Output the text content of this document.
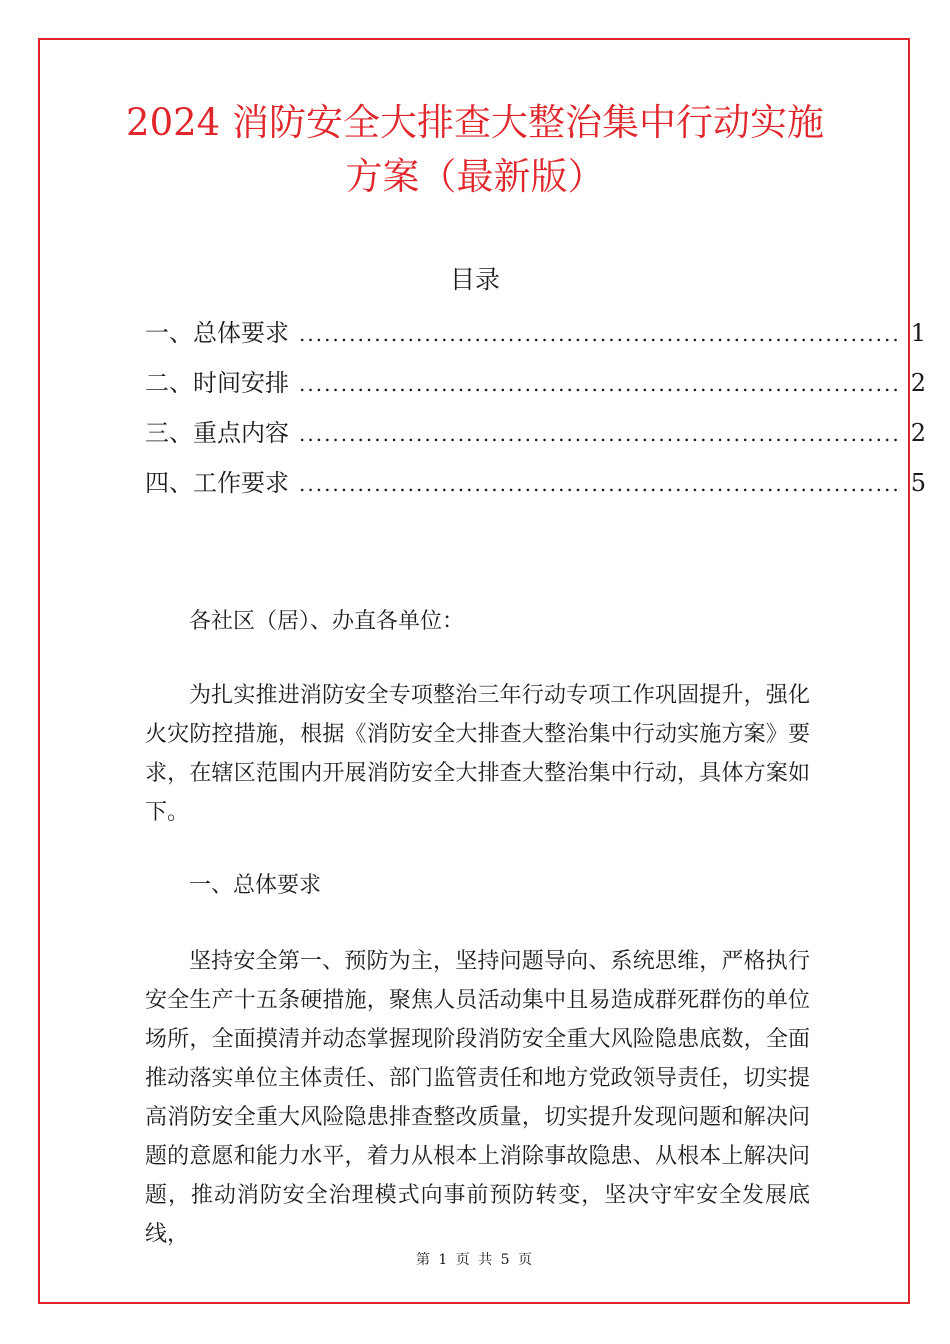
2024 消防安全大排查大整治集中行动实施方案（最新版）
目录
一、总体要求 ........................................................................ 1
二、时间安排 ........................................................................ 2
三、重点内容 ........................................................................ 2
四、工作要求 ........................................................................ 5

各社区（居）、办直各单位：

为扎实推进消防安全专项整治三年行动专项工作巩固提升，强化火灾防控措施，根据《消防安全大排查大整治集中行动实施方案》要求，在辖区范围内开展消防安全大排查大整治集中行动，具体方案如下。

一、总体要求

坚持安全第一、预防为主，坚持问题导向、系统思维，严格执行安全生产十五条硬措施，聚焦人员活动集中且易造成群死群伤的单位场所，全面摸清并动态掌握现阶段消防安全重大风险隐患底数，全面推动落实单位主体责任、部门监管责任和地方党政领导责任，切实提高消防安全重大风险隐患排查整改质量，切实提升发现问题和解决问题的意愿和能力水平，着力从根本上消除事故隐患、从根本上解决问题，推动消防安全治理模式向事前预防转变，坚决守牢安全发展底线，

第 1 页 共 5 页
